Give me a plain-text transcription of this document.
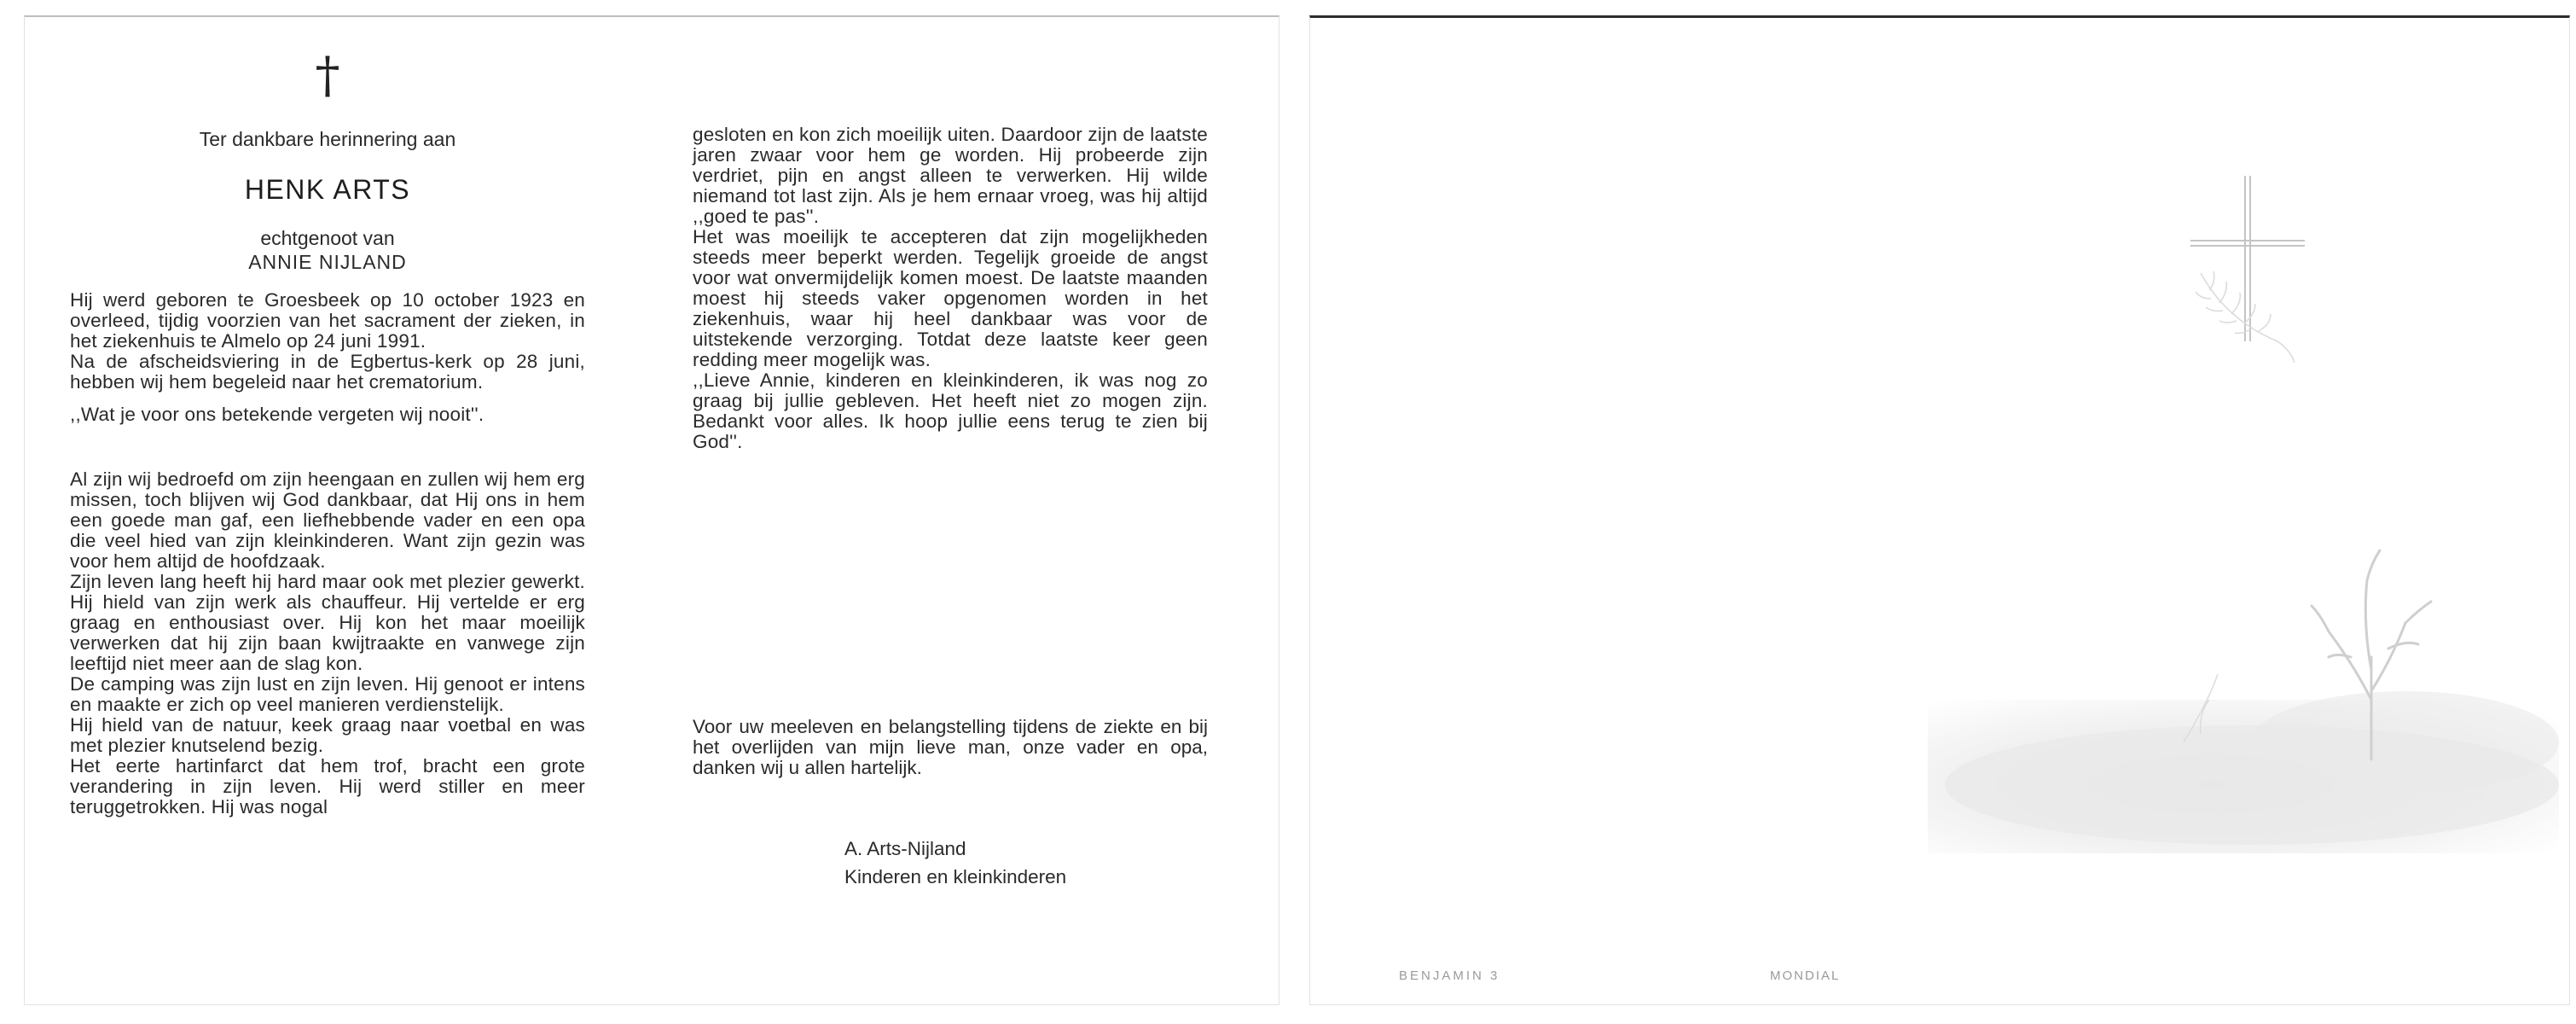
†
Ter dankbare herinnering aan
HENK ARTS
echtgenoot van
ANNIE NIJLAND

Hij werd geboren te Groesbeek op 10 october 1923 en overleed, tijdig voorzien van het sacrament der zieken, in het ziekenhuis te Almelo op 24 juni 1991.

Na de afscheidsviering in de Egbertus-kerk op 28 juni, hebben wij hem begeleid naar het crematorium.

,,Wat je voor ons betekende vergeten wij nooit''.

Al zijn wij bedroefd om zijn heengaan en zullen wij hem erg missen, toch blijven wij God dankbaar, dat Hij ons in hem een goede man gaf, een liefhebbende vader en een opa die veel hied van zijn kleinkinderen. Want zijn gezin was voor hem altijd de hoofdzaak.

Zijn leven lang heeft hij hard maar ook met plezier gewerkt. Hij hield van zijn werk als chauffeur. Hij vertelde er erg graag en enthousiast over. Hij kon het maar moeilijk verwerken dat hij zijn baan kwijtraakte en vanwege zijn leeftijd niet meer aan de slag kon.

De camping was zijn lust en zijn leven. Hij genoot er intens en maakte er zich op veel manieren verdienstelijk.

Hij hield van de natuur, keek graag naar voetbal en was met plezier knutselend bezig.

Het eerte hartinfarct dat hem trof, bracht een grote verandering in zijn leven. Hij werd stiller en meer teruggetrokken. Hij was nogal

gesloten en kon zich moeilijk uiten. Daardoor zijn de laatste jaren zwaar voor hem ge worden. Hij probeerde zijn verdriet, pijn en angst alleen te verwerken. Hij wilde niemand tot last zijn. Als je hem ernaar vroeg, was hij altijd ,,goed te pas''.

Het was moeilijk te accepteren dat zijn mogelijkheden steeds meer beperkt werden. Tegelijk groeide de angst voor wat onvermijdelijk komen moest. De laatste maanden moest hij steeds vaker opgenomen worden in het ziekenhuis, waar hij heel dankbaar was voor de uitstekende verzorging. Totdat deze laatste keer geen redding meer mogelijk was.

,,Lieve Annie, kinderen en kleinkinderen, ik was nog zo graag bij jullie gebleven. Het heeft niet zo mogen zijn. Bedankt voor alles. Ik hoop jullie eens terug te zien bij God''.

Voor uw meeleven en belangstelling tijdens de ziekte en bij het overlijden van mijn lieve man, onze vader en opa, danken wij u allen hartelijk.
A. Arts-Nijland
Kinderen en kleinkinderen
BENJAMIN 3	MONDIAL
